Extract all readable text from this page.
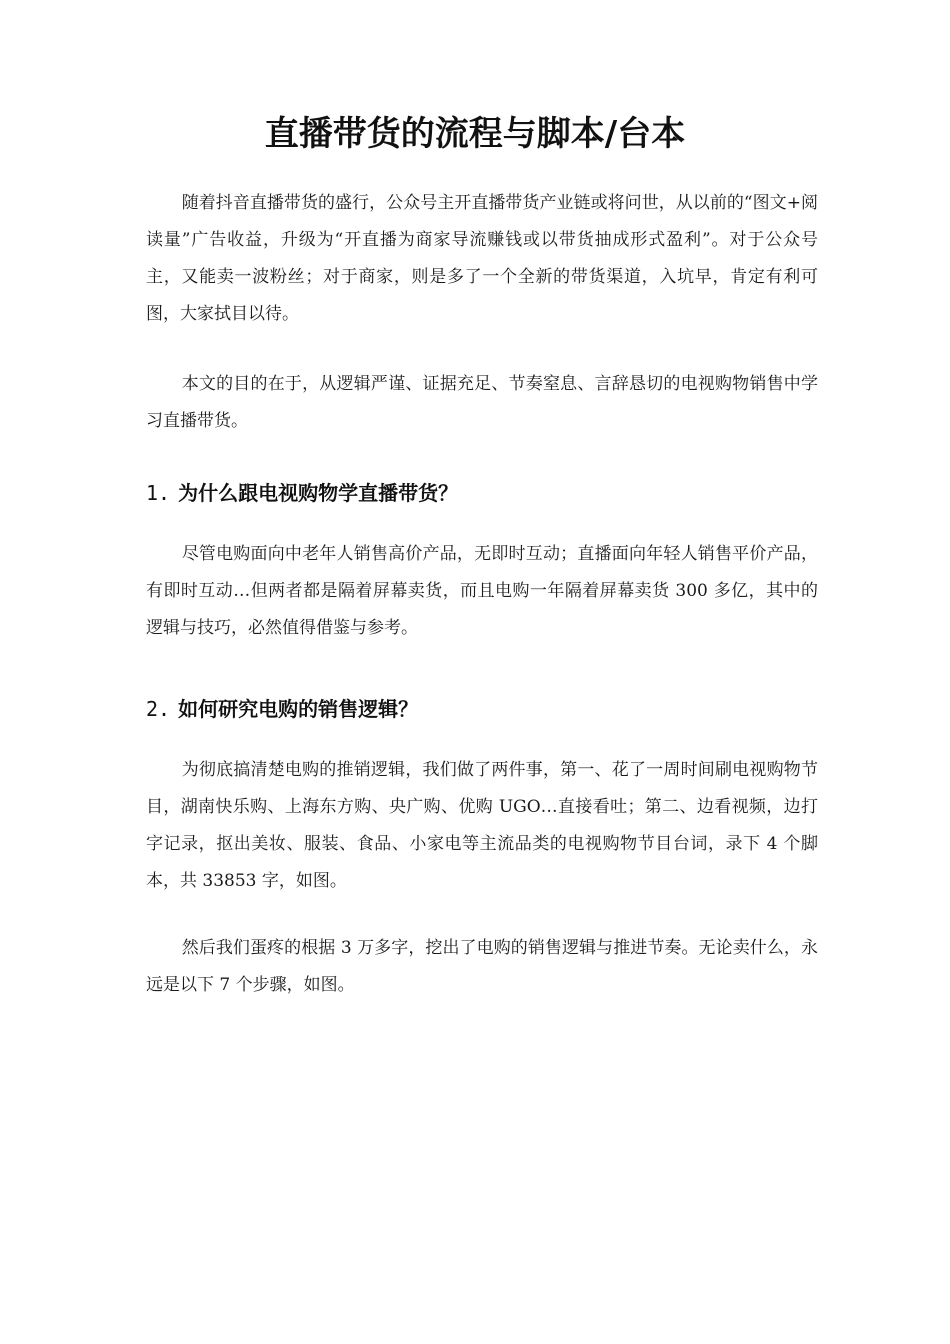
直播带货的流程与脚本/台本

随着抖音直播带货的盛行，公众号主开直播带货产业链或将问世，从以前的“图文+阅读量”广告收益，升级为“开直播为商家导流赚钱或以带货抽成形式盈利”。对于公众号主，又能卖一波粉丝；对于商家，则是多了一个全新的带货渠道，入坑早，肯定有利可图，大家拭目以待。

本文的目的在于，从逻辑严谨、证据充足、节奏窒息、言辞恳切的电视购物销售中学习直播带货。

1. 为什么跟电视购物学直播带货？

尽管电购面向中老年人销售高价产品，无即时互动；直播面向年轻人销售平价产品，有即时互动…但两者都是隔着屏幕卖货，而且电购一年隔着屏幕卖货 300 多亿，其中的逻辑与技巧，必然值得借鉴与参考。

2. 如何研究电购的销售逻辑？

为彻底搞清楚电购的推销逻辑，我们做了两件事，第一、花了一周时间刷电视购物节目，湖南快乐购、上海东方购、央广购、优购 UGO…直接看吐；第二、边看视频，边打字记录，抠出美妆、服装、食品、小家电等主流品类的电视购物节目台词，录下 4 个脚本，共 33853 字，如图。

然后我们蛋疼的根据 3 万多字，挖出了电购的销售逻辑与推进节奏。无论卖什么，永远是以下 7 个步骤，如图。
